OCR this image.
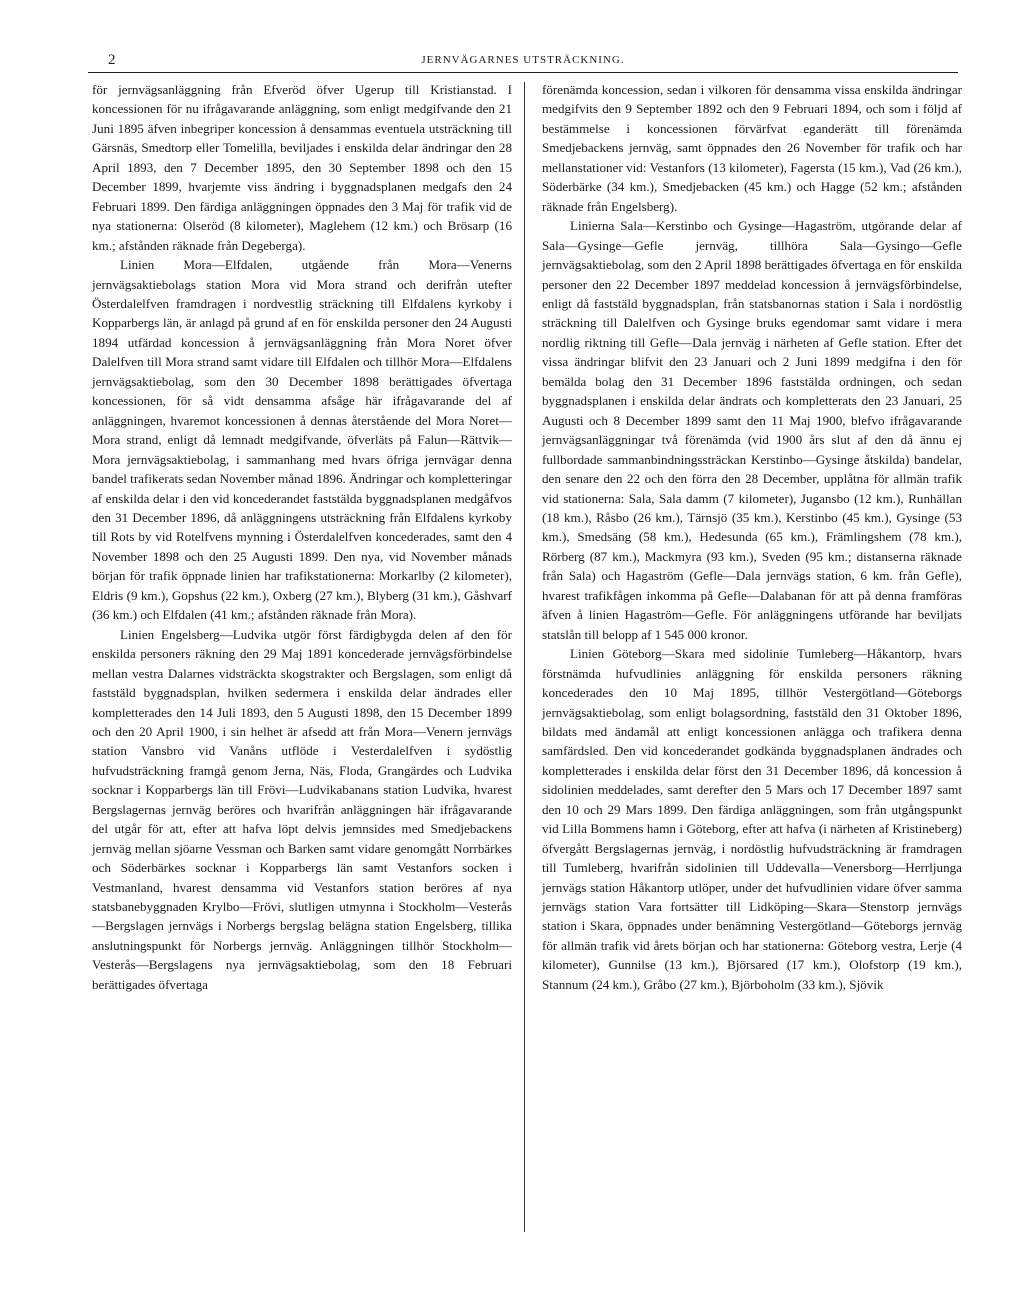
2	JERNVÄGARNES UTSTRÄCKNING.

för jernvägsanläggning från Efveröd öfver Ugerup till Kristianstad. I koncessionen för nu ifrågavarande anläggning, som enligt medgifvande den 21 Juni 1895 äfven inbegriper koncession å densammas eventuela utsträckning till Gärsnäs, Smedtorp eller Tomelilla, beviljades i enskilda delar ändringar den 28 April 1893, den 7 December 1895, den 30 September 1898 och den 15 December 1899, hvarjemte viss ändring i byggnadsplanen medgafs den 24 Februari 1899. Den färdiga anläggningen öppnades den 3 Maj för trafik vid de nya stationerna: Olseröd (8 kilometer), Maglehem (12 km.) och Brösarp (16 km.; afstånden räknade från Degeberga).

Linien Mora—Elfdalen, utgående från Mora—Venerns jernvägsaktiebolags station Mora vid Mora strand och derifrån utefter Österdalelfven framdragen i nordvestlig sträckning till Elfdalens kyrkoby i Kopparbergs län, är anlagd på grund af en för enskilda personer den 24 Augusti 1894 utfärdad koncession å jernvägsanläggning från Mora Noret öfver Dalelfven till Mora strand samt vidare till Elfdalen och tillhör Mora—Elfdalens jernvägsaktiebolag, som den 30 December 1898 berättigades öfvertaga koncessionen, för så vidt densamma afsåge här ifrågavarande del af anläggningen, hvaremot koncessionen å dennas återstående del Mora Noret—Mora strand, enligt då lemnadt medgifvande, öfverläts på Falun—Rättvik—Mora jernvägsaktiebolag, i sammanhang med hvars öfriga jernvägar denna bandel trafikerats sedan November månad 1896. Ändringar och kompletteringar af enskilda delar i den vid koncederandet faststälda byggnadsplanen medgåfvos den 31 December 1896, då anläggningens utsträckning från Elfdalens kyrkoby till Rots by vid Rotelfvens mynning i Österdalelfven koncederades, samt den 4 November 1898 och den 25 Augusti 1899. Den nya, vid November månads början för trafik öppnade linien har trafikstationerna: Morkarlby (2 kilometer), Eldris (9 km.), Gopshus (22 km.), Oxberg (27 km.), Blyberg (31 km.), Gåshvarf (36 km.) och Elfdalen (41 km.; afstånden räknade från Mora).

Linien Engelsberg—Ludvika utgör först färdigbygda delen af den för enskilda personers räkning den 29 Maj 1891 koncederade jernvägsförbindelse mellan vestra Dalarnes vidsträckta skogstrakter och Bergslagen, som enligt då faststäld byggnadsplan, hvilken sedermera i enskilda delar ändrades eller kompletterades den 14 Juli 1893, den 5 Augusti 1898, den 15 December 1899 och den 20 April 1900, i sin helhet är afsedd att från Mora—Venern jernvägs station Vansbro vid Vanåns utflöde i Vesterdalelfven i sydöstlig hufvudsträckning framgå genom Jerna, Näs, Floda, Grangärdes och Ludvika socknar i Kopparbergs län till Frövi—Ludvikabanans station Ludvika, hvarest Bergslagernas jernväg beröres och hvarifrån anläggningen här ifrågavarande del utgår för att, efter att hafva löpt delvis jemnsides med Smedjebackens jernväg mellan sjöarne Vessman och Barken samt vidare genomgått Norrbärkes och Söderbärkes socknar i Kopparbergs län samt Vestanfors socken i Vestmanland, hvarest densamma vid Vestanfors station beröres af nya statsbanebyggnaden Krylbo—Frövi, slutligen utmynna i Stockholm—Vesterås—Bergslagen jernvägs i Norbergs bergslag belägna station Engelsberg, tillika anslutningspunkt för Norbergs jernväg. Anläggningen tillhör Stockholm—Vesterås—Bergslagens nya jernvägsaktiebolag, som den 18 Februari berättigades öfvertaga

förenämda koncession, sedan i vilkoren för densamma vissa enskilda ändringar medgifvits den 9 September 1892 och den 9 Februari 1894, och som i följd af bestämmelse i koncessionen förvärfvat eganderätt till förenämda Smedjebackens jernväg, samt öppnades den 26 November för trafik och har mellanstationer vid: Vestanfors (13 kilometer), Fagersta (15 km.), Vad (26 km.), Söderbärke (34 km.), Smedjebacken (45 km.) och Hagge (52 km.; afstånden räknade från Engelsberg).

Linierna Sala—Kerstinbo och Gysinge—Hagaström, utgörande delar af Sala—Gysinge—Gefle jernväg, tillhöra Sala—Gysingo—Gefle jernvägsaktiebolag, som den 2 April 1898 berättigades öfvertaga en för enskilda personer den 22 December 1897 meddelad koncession å jernvägsförbindelse, enligt då faststäld byggnadsplan, från statsbanornas station i Sala i nordöstlig sträckning till Dalelfven och Gysinge bruks egendomar samt vidare i mera nordlig riktning till Gefle—Dala jernväg i närheten af Gefle station. Efter det vissa ändringar blifvit den 23 Januari och 2 Juni 1899 medgifna i den för bemälda bolag den 31 December 1896 faststälda ordningen, och sedan byggnadsplanen i enskilda delar ändrats och kompletterats den 23 Januari, 25 Augusti och 8 December 1899 samt den 11 Maj 1900, blefvo ifrågavarande jernvägsanläggningar två förenämda (vid 1900 års slut af den då ännu ej fullbordade sammanbindningssträckan Kerstinbo—Gysinge åtskilda) bandelar, den senare den 22 och den förra den 28 December, upplåtna för allmän trafik vid stationerna: Sala, Sala damm (7 kilometer), Jugansbo (12 km.), Runhällan (18 km.), Råsbo (26 km.), Tärnsjö (35 km.), Kerstinbo (45 km.), Gysinge (53 km.), Smedsäng (58 km.), Hedesunda (65 km.), Främlingshem (78 km.), Rörberg (87 km.), Mackmyra (93 km.), Sveden (95 km.; distanserna räknade från Sala) och Hagaström (Gefle—Dala jernvägs station, 6 km. från Gefle), hvarest trafikfågen inkomma på Gefle—Dalabanan för att på denna framföras äfven å linien Hagaström—Gefle. För anläggningens utförande har beviljats statslån till belopp af 1 545 000 kronor.

Linien Göteborg—Skara med sidolinie Tumleberg—Håkantorp, hvars förstnämda hufvudlinies anläggning för enskilda personers räkning koncederades den 10 Maj 1895, tillhör Vestergötland—Göteborgs jernvägsaktiebolag, som enligt bolagsordning, faststäld den 31 Oktober 1896, bildats med ändamål att enligt koncessionen anlägga och trafikera denna samfärdsled. Den vid koncederandet godkända byggnadsplanen ändrades och kompletterades i enskilda delar först den 31 December 1896, då koncession å sidolinien meddelades, samt derefter den 5 Mars och 17 December 1897 samt den 10 och 29 Mars 1899. Den färdiga anläggningen, som från utgångspunkt vid Lilla Bommens hamn i Göteborg, efter att hafva (i närheten af Kristineberg) öfvergått Bergslagernas jernväg, i nordöstlig hufvudsträckning är framdragen till Tumleberg, hvarifrån sidolinien till Uddevalla—Venersborg—Herrljunga jernvägs station Håkantorp utlöper, under det hufvudlinien vidare öfver samma jernvägs station Vara fortsätter till Lidköping—Skara—Stenstorp jernvägs station i Skara, öppnades under benämning Vestergötland—Göteborgs jernväg för allmän trafik vid årets början och har stationerna: Göteborg vestra, Lerje (4 kilometer), Gunnilse (13 km.), Björsared (17 km.), Olofstorp (19 km.), Stannum (24 km.), Gråbo (27 km.), Björboholm (33 km.), Sjövik
